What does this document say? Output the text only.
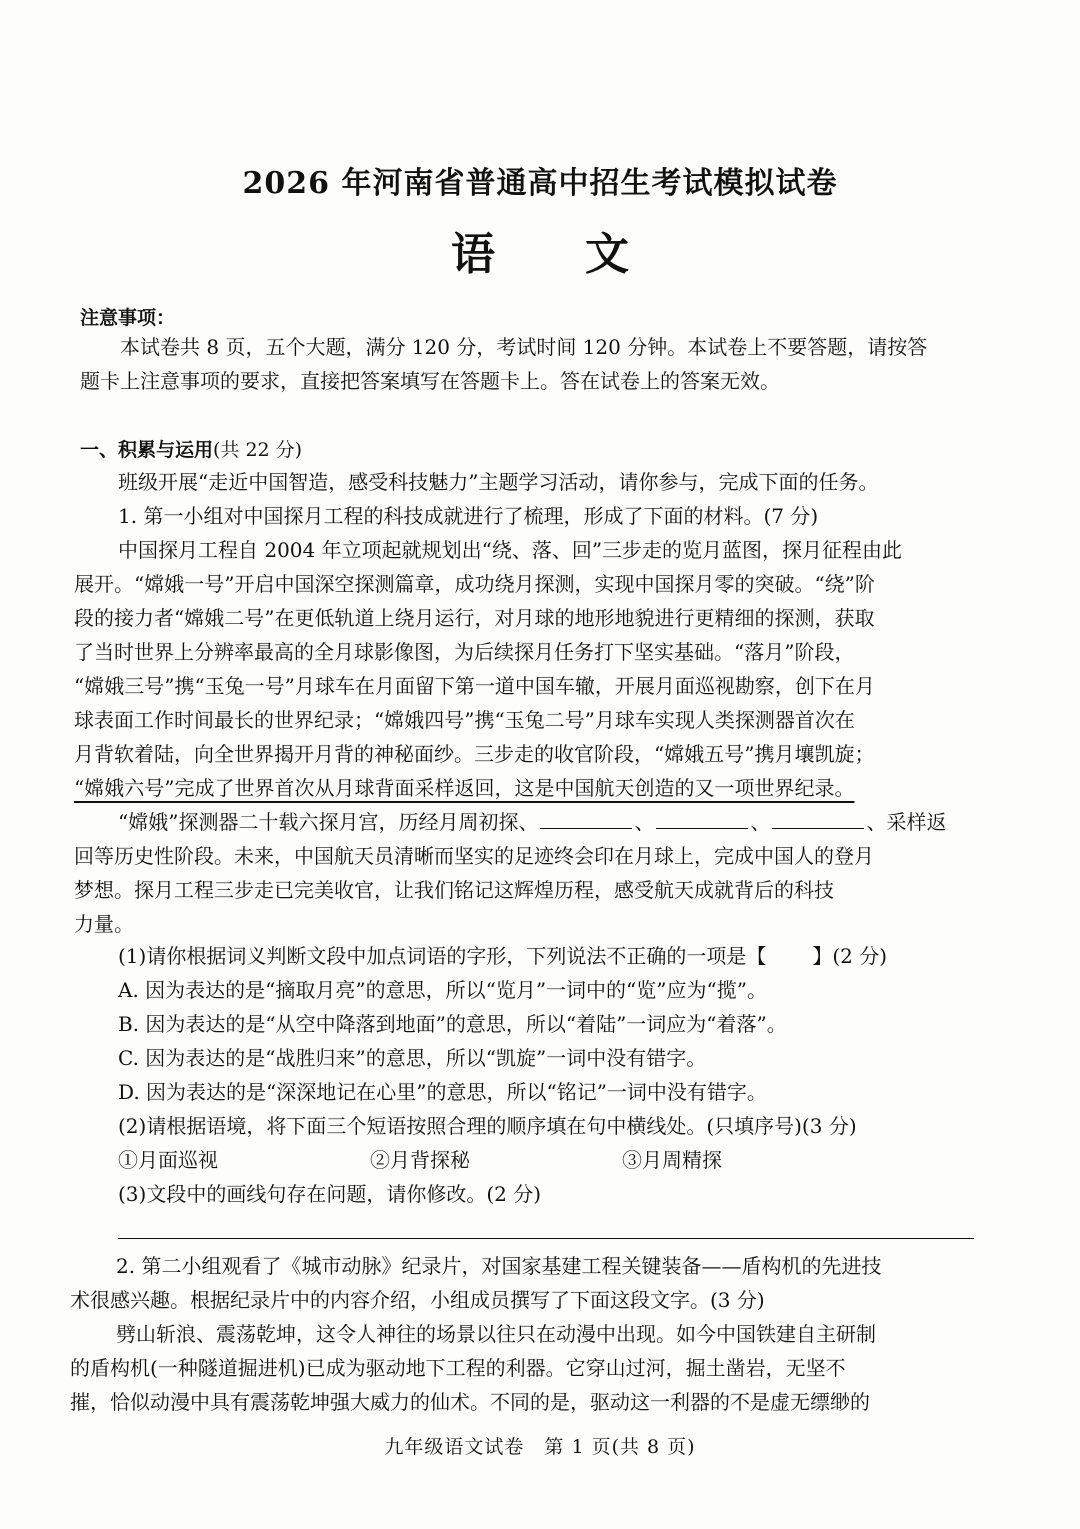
2026 年河南省普通高中招生考试模拟试卷
语文
注意事项：
本试卷共 8 页，五个大题，满分 120 分，考试时间 120 分钟。本试卷上不要答题，请按答
题卡上注意事项的要求，直接把答案填写在答题卡上。答在试卷上的答案无效。
一、积累与运用(共 22 分)
班级开展“走近中国智造，感受科技魅力”主题学习活动，请你参与，完成下面的任务。
1. 第一小组对中国探月工程的科技成就进行了梳理，形成了下面的材料。(7 分)
中国探月工程自 2004 年立项起就规划出“绕、落、回”三步走的览月蓝图，探月征程由此
展开。“嫦娥一号”开启中国深空探测篇章，成功绕月探测，实现中国探月零的突破。“绕”阶
段的接力者“嫦娥二号”在更低轨道上绕月运行，对月球的地形地貌进行更精细的探测，获取
了当时世界上分辨率最高的全月球影像图，为后续探月任务打下坚实基础。“落月”阶段，
“嫦娥三号”携“玉兔一号”月球车在月面留下第一道中国车辙，开展月面巡视勘察，创下在月
球表面工作时间最长的世界纪录；“嫦娥四号”携“玉兔二号”月球车实现人类探测器首次在
月背软着陆，向全世界揭开月背的神秘面纱。三步走的收官阶段，“嫦娥五号”携月壤凯旋；
“嫦娥六号”完成了世界首次从月球背面采样返回，这是中国航天创造的又一项世界纪录。
“嫦娥”探测器二十载六探月宫，历经月周初探、	、	、	、采样返
回等历史性阶段。未来，中国航天员清晰而坚实的足迹终会印在月球上，完成中国人的登月
梦想。探月工程三步走已完美收官，让我们铭记这辉煌历程，感受航天成就背后的科技
力量。
(1)请你根据词义判断文段中加点词语的字形，下列说法不正确的一项是【 】(2 分)
A. 因为表达的是“摘取月亮”的意思，所以“览月”一词中的“览”应为“揽”。
B. 因为表达的是“从空中降落到地面”的意思，所以“着陆”一词应为“着落”。
C. 因为表达的是“战胜归来”的意思，所以“凯旋”一词中没有错字。
D. 因为表达的是“深深地记在心里”的意思，所以“铭记”一词中没有错字。
(2)请根据语境，将下面三个短语按照合理的顺序填在句中横线处。(只填序号)(3 分)
①月面巡视	②月背探秘	③月周精探
(3)文段中的画线句存在问题，请你修改。(2 分)
2. 第二小组观看了《城市动脉》纪录片，对国家基建工程关键装备——盾构机的先进技
术很感兴趣。根据纪录片中的内容介绍，小组成员撰写了下面这段文字。(3 分)
劈山斩浪、震荡乾坤，这令人神往的场景以往只在动漫中出现。如今中国铁建自主研制
的盾构机(一种隧道掘进机)已成为驱动地下工程的利器。它穿山过河，掘土凿岩，无坚不
摧，恰似动漫中具有震荡乾坤强大威力的仙术。不同的是，驱动这一利器的不是虚无缥缈的
九年级语文试卷　第 1 页(共 8 页)
